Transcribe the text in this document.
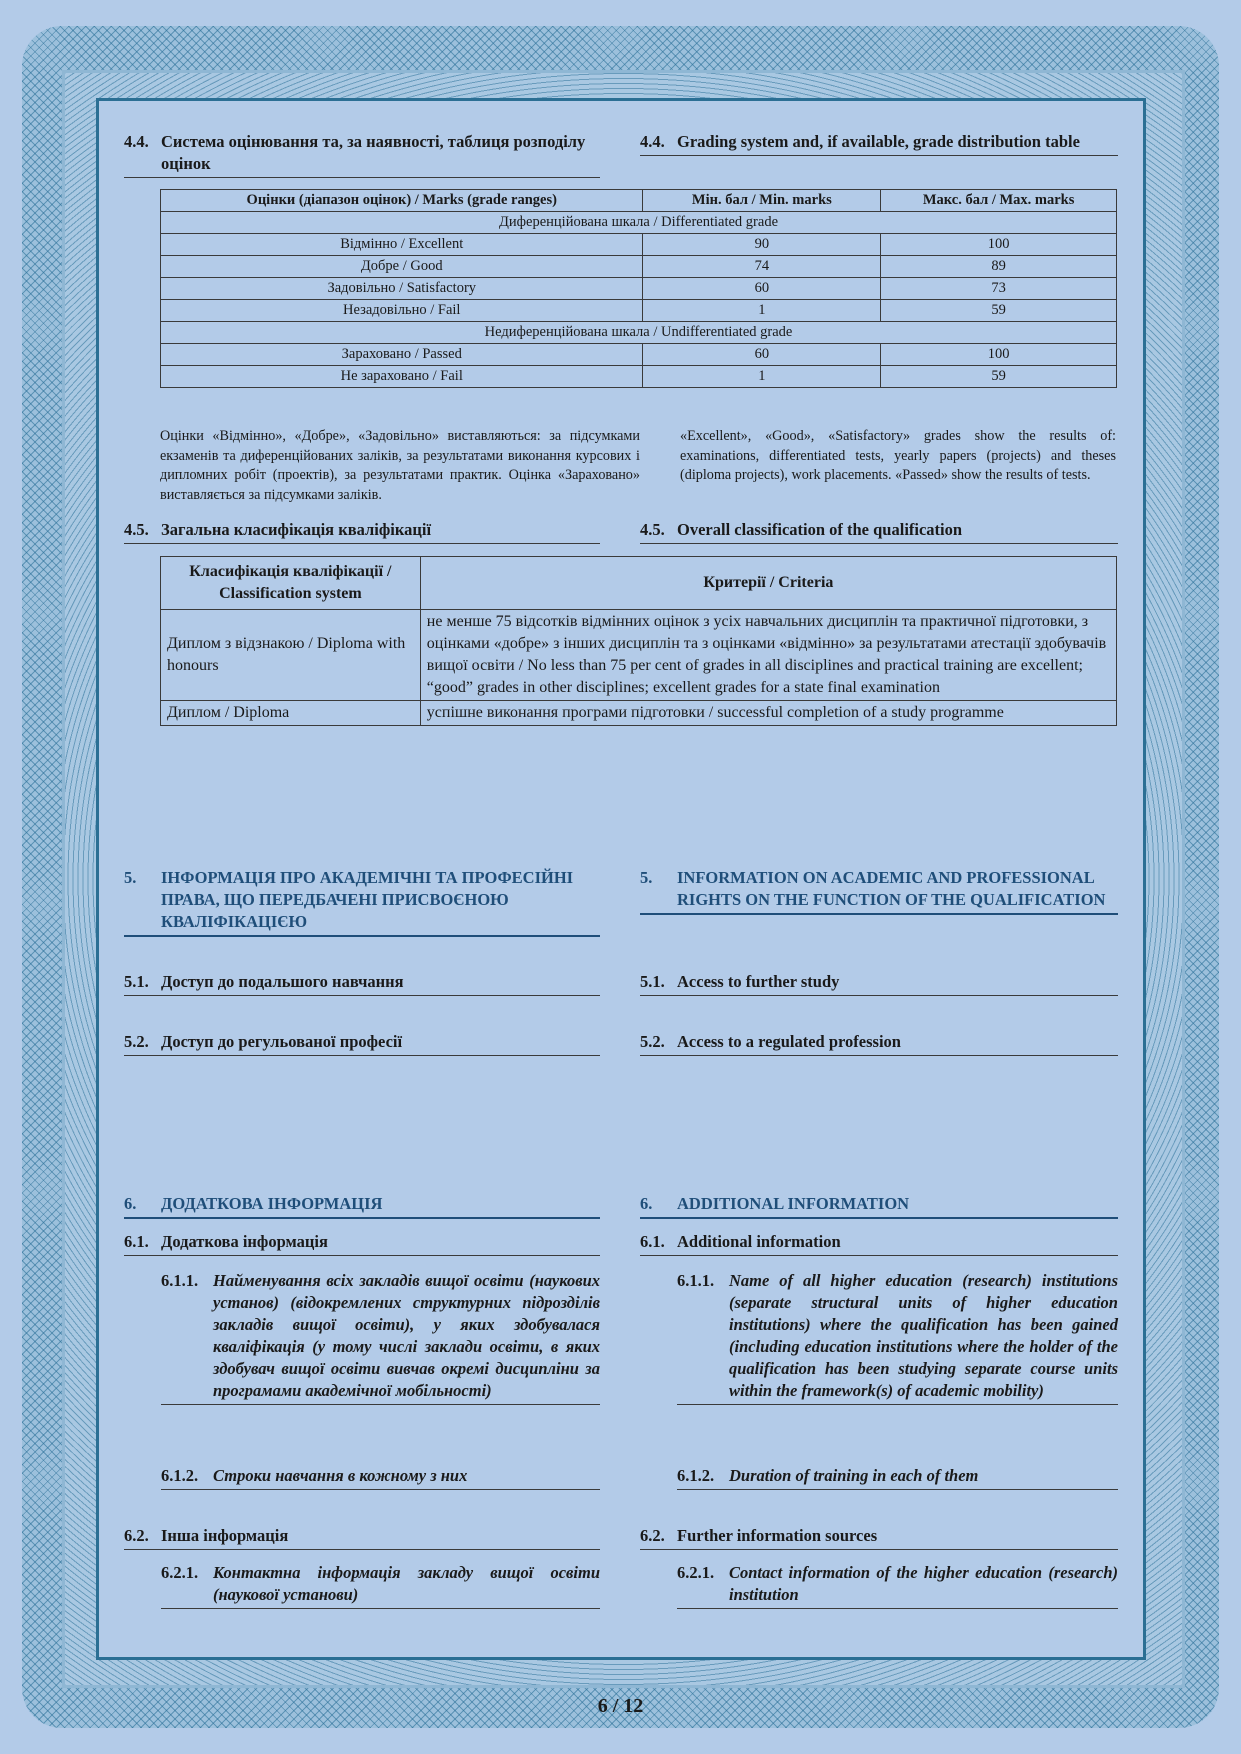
4.4. Система оцінювання та, за наявності, таблиця розподілу оцінок
4.4. Grading system and, if available, grade distribution table
Оцінки (діапазон оцінок) / Marks (grade ranges)	Мін. бал / Min. marks	Макс. бал / Max. marks
Диференційована шкала / Differentiated grade		
Відмінно / Excellent	90	100
Добре / Good	74	89
Задовільно / Satisfactory	60	73
Незадовільно / Fail	1	59
Недиференційована шкала / Undifferentiated grade		
Зараховано / Passed	60	100
Не зараховано / Fail	1	59
Оцінки «Відмінно», «Добре», «Задовільно» виставляються: за підсумками екзаменів та диференційованих заліків, за результатами виконання курсових і дипломних робіт (проектів), за результатами практик. Оцінка «Зараховано» виставляється за підсумками заліків.
«Excellent», «Good», «Satisfactory» grades show the results of: examinations, differentiated tests, yearly papers (projects) and theses (diploma projects), work placements. «Passed» show the results of tests.
4.5. Загальна класифікація кваліфікації	4.5. Overall classification of the qualification
Класифікація кваліфікації / Classification system	Критерії / Criteria
Диплом з відзнакою / Diploma with honours	не менше 75 відсотків відмінних оцінок з усіх навчальних дисциплін та практичної підготовки, з оцінками «добре» з інших дисциплін та з оцінками «відмінно» за результатами атестації здобувачів вищої освіти / No less than 75 per cent of grades in all disciplines and practical training are excellent; “good” grades in other disciplines; excellent grades for a state final examination
Диплом / Diploma	успішне виконання програми підготовки / successful completion of a study programme
5.	ІНФОРМАЦІЯ ПРО АКАДЕМІЧНІ ТА ПРОФЕСІЙНІ ПРАВА, ЩО ПЕРЕДБАЧЕНІ ПРИСВОЄНОЮ КВАЛІФІКАЦІЄЮ
5.	INFORMATION ON ACADEMIC AND PROFESSIONAL RIGHTS ON THE FUNCTION OF THE QUALIFICATION
5.1. Доступ до подальшого навчання	5.1. Access to further study
5.2. Доступ до регульованої професії	5.2. Access to a regulated profession
6.	ДОДАТКОВА ІНФОРМАЦІЯ	6.	ADDITIONAL INFORMATION
6.1. Додаткова інформація	6.1. Additional information
6.1.1. Найменування всіх закладів вищої освіти (наукових установ) (відокремлених структурних підрозділів закладів вищої освіти), у яких здобувалася кваліфікація (у тому числі заклади освіти, в яких здобувач вищої освіти вивчав окремі дисципліни за програмами академічної мобільності)
6.1.1. Name of all higher education (research) institutions (separate structural units of higher education institutions) where the qualification has been gained (including education institutions where the holder of the qualification has been studying separate course units within the framework(s) of academic mobility)
6.1.2. Строки навчання в кожному з них	6.1.2. Duration of training in each of them
6.2. Інша інформація	6.2. Further information sources
6.2.1. Контактна інформація закладу вищої освіти (наукової установи)
6.2.1. Contact information of the higher education (research) institution
6 / 12
